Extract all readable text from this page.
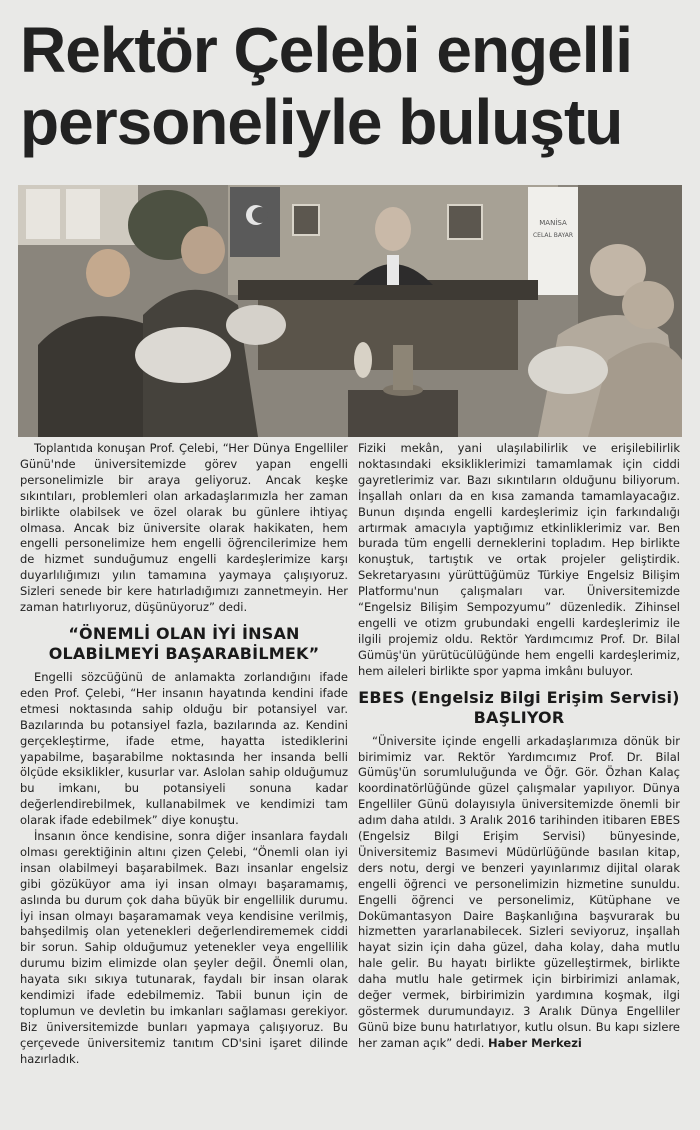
Rektör Çelebi engelli personeliyle buluştu
MANİSA
CELAL BAYAR

Toplantıda konuşan Prof. Çelebi, “Her Dünya Engelliler Günü'nde üniversitemizde görev yapan engelli personelimizle bir araya geliyoruz. Ancak keşke sıkıntıları, problemleri olan arkadaşlarımızla her zaman birlikte olabilsek ve özel olarak bu günlere ihtiyaç olmasa. Ancak biz üniversite olarak hakikaten, hem engelli personelimize hem engelli öğrencilerimize hem de hizmet sunduğumuz engelli kardeşlerimize karşı duyarlılığımızı yılın tamamına yaymaya çalışıyoruz. Sizleri senede bir kere hatırladığımızı zannetmeyin. Her zaman hatırlıyoruz, düşünüyoruz” dedi.

“ÖNEMLİ OLAN İYİ İNSAN OLABİLMEYİ BAŞARABİLMEK”

Engelli sözcüğünü de anlamakta zorlandığını ifade eden Prof. Çelebi, “Her insanın hayatında kendini ifade etmesi noktasında sahip olduğu bir potansiyel var. Bazılarında bu potansiyel fazla, bazılarında az. Kendini gerçekleştirme, ifade etme, hayatta istediklerini yapabilme, başarabilme noktasında her insanda belli ölçüde eksiklikler, kusurlar var. Aslolan sahip olduğumuz bu imkanı, bu potansiyeli sonuna kadar değerlendirebilmek, kullanabilmek ve kendimizi tam olarak ifade edebilmek” diye konuştu.

İnsanın önce kendisine, sonra diğer insanlara faydalı olması gerektiğinin altını çizen Çelebi, “Önemli olan iyi insan olabilmeyi başarabilmek. Bazı insanlar engelsiz gibi gözüküyor ama iyi insan olmayı başaramamış, aslında bu durum çok daha büyük bir engellilik durumu. İyi insan olmayı başaramamak veya kendisine verilmiş, bahşedilmiş olan yetenekleri değerlendirememek ciddi bir sorun. Sahip olduğumuz yetenekler veya engellilik durumu bizim elimizde olan şeyler değil. Önemli olan, hayata sıkı sıkıya tutunarak, faydalı bir insan olarak kendimizi ifade edebilmemiz. Tabii bunun için de toplumun ve devletin bu imkanları sağlaması gerekiyor. Biz üniversitemizde bunları yapmaya çalışıyoruz. Bu çerçevede üniversitemiz tanıtım CD'sini işaret dilinde hazırladık.

Fiziki mekân, yani ulaşılabilirlik ve erişilebilirlik noktasındaki eksikliklerimizi tamamlamak için ciddi gayretlerimiz var. Bazı sıkıntıların olduğunu biliyorum. İnşallah onları da en kısa zamanda tamamlayacağız. Bunun dışında engelli kardeşlerimiz için farkındalığı artırmak amacıyla yaptığımız etkinliklerimiz var. Ben burada tüm engelli derneklerini topladım. Hep birlikte konuştuk, tartıştık ve ortak projeler geliştirdik. Sekretaryasını yürüttüğümüz Türkiye Engelsiz Bilişim Platformu'nun çalışmaları var. Üniversitemizde “Engelsiz Bilişim Sempozyumu” düzenledik. Zihinsel engelli ve otizm grubundaki engelli kardeşlerimiz ile ilgili projemiz oldu. Rektör Yardımcımız Prof. Dr. Bilal Gümüş'ün yürütücülüğünde hem engelli kardeşlerimiz, hem aileleri birlikte spor yapma imkânı buluyor.

EBES (Engelsiz Bilgi Erişim Servisi) BAŞLIYOR

“Üniversite içinde engelli arkadaşlarımıza dönük bir birimimiz var. Rektör Yardımcımız Prof. Dr. Bilal Gümüş'ün sorumluluğunda ve Öğr. Gör. Özhan Kalaç koordinatörlüğünde güzel çalışmalar yapılıyor. Dünya Engelliler Günü dolayısıyla üniversitemizde önemli bir adım daha atıldı. 3 Aralık 2016 tarihinden itibaren EBES (Engelsiz Bilgi Erişim Servisi) bünyesinde, Üniversitemiz Basımevi Müdürlüğünde basılan kitap, ders notu, dergi ve benzeri yayınlarımız dijital olarak engelli öğrenci ve personelimizin hizmetine sunuldu. Engelli öğrenci ve personelimiz, Kütüphane ve Dokümantasyon Daire Başkanlığına başvurarak bu hizmetten yararlanabilecek. Sizleri seviyoruz, inşallah hayat sizin için daha güzel, daha kolay, daha mutlu hale gelir. Bu hayatı birlikte güzelleştirmek, birlikte daha mutlu hale getirmek için birbirimizi anlamak, değer vermek, birbirimizin yardımına koşmak, ilgi göstermek durumundayız. 3 Aralık Dünya Engelliler Günü bize bunu hatırlatıyor, kutlu olsun. Bu kapı sizlere her zaman açık” dedi. Haber Merkezi
